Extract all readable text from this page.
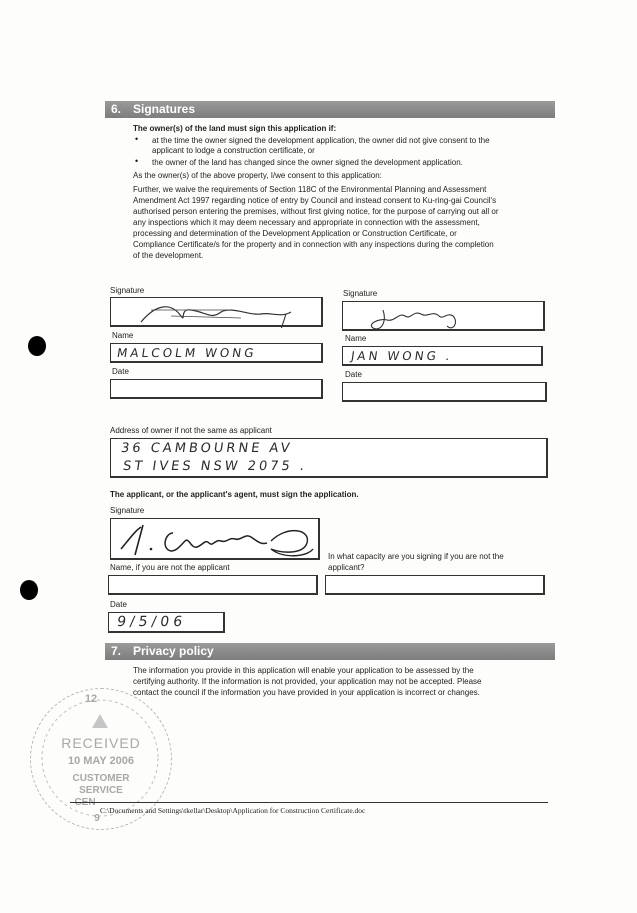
6. Signatures
The owner(s) of the land must sign this application if:
• at the time the owner signed the development application, the owner did not give consent to the
applicant to lodge a construction certificate, or
• the owner of the land has changed since the owner signed the development application.
As the owner(s) of the above property, I/we consent to this application:
Further, we waive the requirements of Section 118C of the Environmental Planning and Assessment
Amendment Act 1997 regarding notice of entry by Council and instead consent to Ku-ring-gai Council's
authorised person entering the premises, without first giving notice, for the purpose of carrying out all or
any inspections which it may deem necessary and appropriate in connection with the assessment,
processing and determination of the Development Application or Construction Certificate, or
Compliance Certificate/s for the property and in connection with any inspections during the completion
of the development.
Signature
Name
MALCOLM WONG
Date
Signature
Name
JAN WONG .
Date
Address of owner if not the same as applicant
36 CAMBOURNE AV
ST IVES NSW 2075 .
The applicant, or the applicant's agent, must sign the application.
Signature
Name, if you are not the applicant
In what capacity are you signing if you are not the
applicant?
Date
9/5/06
7. Privacy policy
The information you provide in this application will enable your application to be assessed by the
certifying authority. If the information is not provided, your application may not be accepted. Please
contact the council if the information you have provided in your application is incorrect or changes.
12
RECEIVED
10 MAY 2006
CUSTOMER
SERVICE
9
C:\Documents and Settings\tkellar\Desktop\Application for Construction Certificate.doc
